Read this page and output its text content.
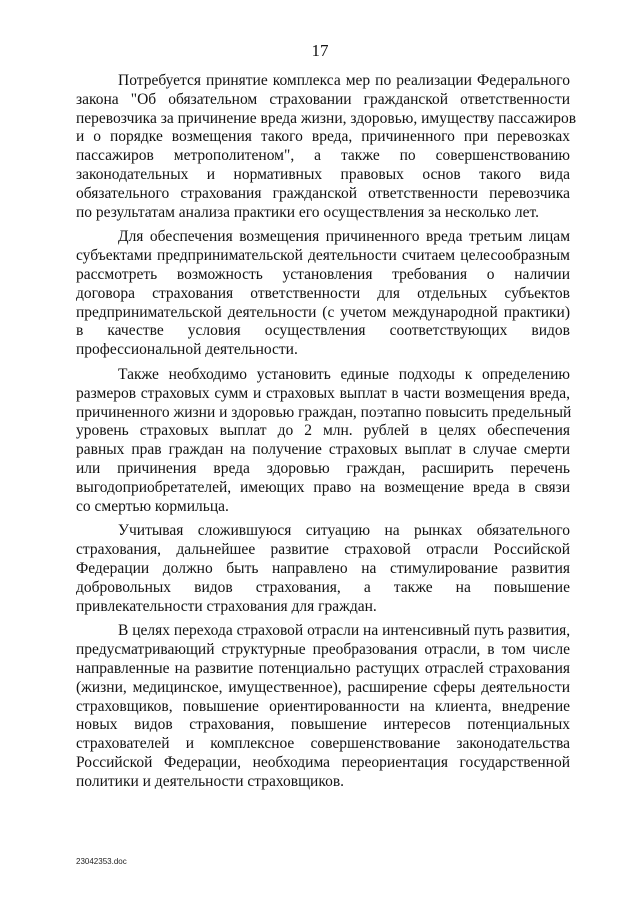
17

Потребуется принятие комплекса мер по реализации Федерального
закона "Об обязательном страховании гражданской ответственности
перевозчика за причинение вреда жизни, здоровью, имуществу пассажиров
и о порядке возмещения такого вреда, причиненного при перевозках
пассажиров метрополитеном", а также по совершенствованию
законодательных и нормативных правовых основ такого вида
обязательного страхования гражданской ответственности перевозчика
по результатам анализа практики его осуществления за несколько лет.

Для обеспечения возмещения причиненного вреда третьим лицам
субъектами предпринимательской деятельности считаем целесообразным
рассмотреть возможность установления требования о наличии
договора страхования ответственности для отдельных субъектов
предпринимательской деятельности (с учетом международной практики)
в качестве условия осуществления соответствующих видов
профессиональной деятельности.

Также необходимо установить единые подходы к определению
размеров страховых сумм и страховых выплат в части возмещения вреда,
причиненного жизни и здоровью граждан, поэтапно повысить предельный
уровень страховых выплат до 2 млн. рублей в целях обеспечения
равных прав граждан на получение страховых выплат в случае смерти
или причинения вреда здоровью граждан, расширить перечень
выгодоприобретателей, имеющих право на возмещение вреда в связи
со смертью кормильца.

Учитывая сложившуюся ситуацию на рынках обязательного
страхования, дальнейшее развитие страховой отрасли Российской
Федерации должно быть направлено на стимулирование развития
добровольных видов страхования, а также на повышение
привлекательности страхования для граждан.

В целях перехода страховой отрасли на интенсивный путь развития,
предусматривающий структурные преобразования отрасли, в том числе
направленные на развитие потенциально растущих отраслей страхования
(жизни, медицинское, имущественное), расширение сферы деятельности
страховщиков, повышение ориентированности на клиента, внедрение
новых видов страхования, повышение интересов потенциальных
страхователей и комплексное совершенствование законодательства
Российской Федерации, необходима переориентация государственной
политики и деятельности страховщиков.

23042353.doc
